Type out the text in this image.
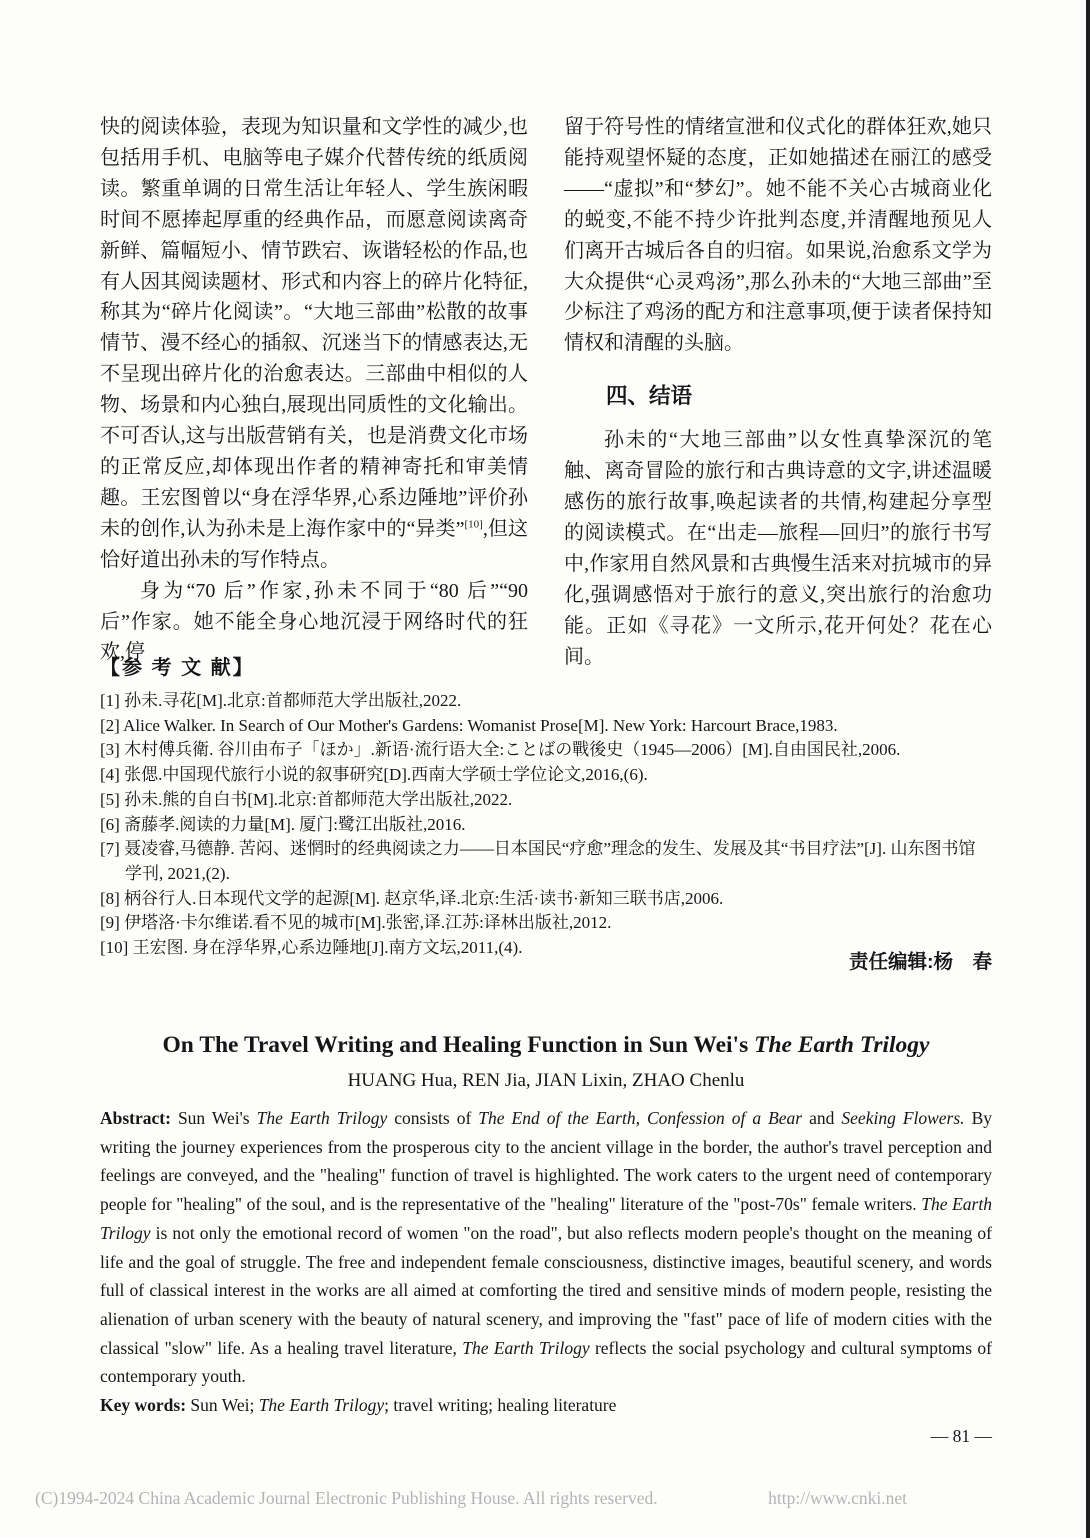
快的阅读体验，表现为知识量和文学性的减少,也包括用手机、电脑等电子媒介代替传统的纸质阅读。繁重单调的日常生活让年轻人、学生族闲暇时间不愿捧起厚重的经典作品，而愿意阅读离奇新鲜、篇幅短小、情节跌宕、诙谐轻松的作品,也有人因其阅读题材、形式和内容上的碎片化特征,称其为“碎片化阅读”。“大地三部曲”松散的故事情节、漫不经心的插叙、沉迷当下的情感表达,无不呈现出碎片化的治愈表达。三部曲中相似的人物、场景和内心独白,展现出同质性的文化输出。不可否认,这与出版营销有关，也是消费文化市场的正常反应,却体现出作者的精神寄托和审美情趣。王宏图曾以“身在浮华界,心系边陲地”评价孙未的创作,认为孙未是上海作家中的“异类”[10],但这恰好道出孙未的写作特点。
身为“70 后”作家,孙未不同于“80 后”“90 后”作家。她不能全身心地沉浸于网络时代的狂欢,停
留于符号性的情绪宣泄和仪式化的群体狂欢,她只能持观望怀疑的态度，正如她描述在丽江的感受——“虚拟”和“梦幻”。她不能不关心古城商业化的蜕变,不能不持少许批判态度,并清醒地预见人们离开古城后各自的归宿。如果说,治愈系文学为大众提供“心灵鸡汤”,那么孙未的“大地三部曲”至少标注了鸡汤的配方和注意事项,便于读者保持知情权和清醒的头脑。
四、结语
孙未的“大地三部曲”以女性真挚深沉的笔触、离奇冒险的旅行和古典诗意的文字,讲述温暖感伤的旅行故事,唤起读者的共情,构建起分享型的阅读模式。在“出走—旅程—回归”的旅行书写中,作家用自然风景和古典慢生活来对抗城市的异化,强调感悟对于旅行的意义,突出旅行的治愈功能。正如《寻花》一文所示,花开何处？花在心间。
【参 考 文 献】
[1] 孙未.寻花[M].北京:首都师范大学出版社,2022.
[2] Alice Walker. In Search of Our Mother's Gardens: Womanist Prose[M]. New York: Harcourt Brace,1983.
[3] 木村傅兵衛. 谷川由布子「ほか」.新语·流行语大全:ことばの戰後史（1945—2006）[M].自由国民社,2006.
[4] 张偲.中国现代旅行小说的叙事研究[D].西南大学硕士学位论文,2016,(6).
[5] 孙未.熊的自白书[M].北京:首都师范大学出版社,2022.
[6] 斋藤孝.阅读的力量[M]. 厦门:鹭江出版社,2016.
[7] 聂凌睿,马德静. 苦闷、迷惘时的经典阅读之力——日本国民“疗愈”理念的发生、发展及其“书目疗法”[J]. 山东图书馆学刊, 2021,(2).
[8] 柄谷行人.日本现代文学的起源[M]. 赵京华,译.北京:生活·读书·新知三联书店,2006.
[9] 伊塔洛·卡尔维诺.看不见的城市[M].张密,译.江苏:译林出版社,2012.
[10] 王宏图. 身在浮华界,心系边陲地[J].南方文坛,2011,(4).
责任编辑:杨　春
On The Travel Writing and Healing Function in Sun Wei's The Earth Trilogy
HUANG Hua, REN Jia, JIAN Lixin, ZHAO Chenlu
Abstract: Sun Wei's The Earth Trilogy consists of The End of the Earth, Confession of a Bear and Seeking Flowers. By writing the journey experiences from the prosperous city to the ancient village in the border, the author's travel perception and feelings are conveyed, and the "healing" function of travel is highlighted. The work caters to the urgent need of contemporary people for "healing" of the soul, and is the representative of the "healing" literature of the "post-70s" female writers. The Earth Trilogy is not only the emotional record of women "on the road", but also reflects modern people's thought on the meaning of life and the goal of struggle. The free and independent female consciousness, distinctive images, beautiful scenery, and words full of classical interest in the works are all aimed at comforting the tired and sensitive minds of modern people, resisting the alienation of urban scenery with the beauty of natural scenery, and improving the "fast" pace of life of modern cities with the classical "slow" life. As a healing travel literature, The Earth Trilogy reflects the social psychology and cultural symptoms of contemporary youth.
Key words: Sun Wei; The Earth Trilogy; travel writing; healing literature
— 81 —
(C)1994-2024 China Academic Journal Electronic Publishing House. All rights reserved.	http://www.cnki.net
